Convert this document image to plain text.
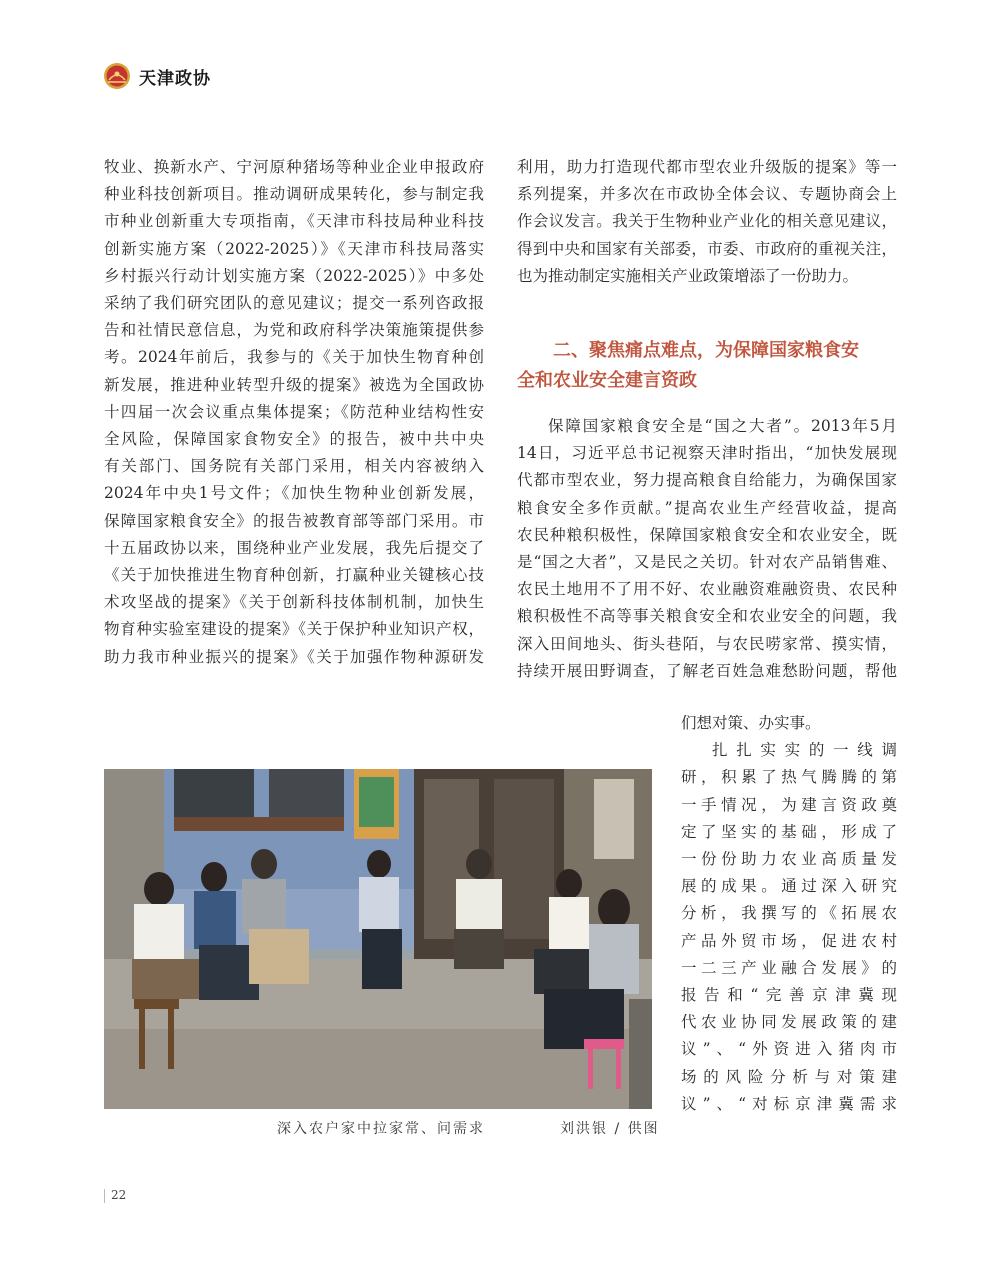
天津政协

牧业、换新水产、宁河原种猪场等种业企业申报政府
种业科技创新项目。推动调研成果转化，参与制定我
市种业创新重大专项指南，《天津市科技局种业科技
创新实施方案（2022-2025）》《天津市科技局落实
乡村振兴行动计划实施方案（2022-2025）》中多处
采纳了我们研究团队的意见建议；提交一系列咨政报
告和社情民意信息，为党和政府科学决策施策提供参
考。2024年前后，我参与的《关于加快生物育种创
新发展，推进种业转型升级的提案》被选为全国政协
十四届一次会议重点集体提案；《防范种业结构性安
全风险，保障国家食物安全》的报告，被中共中央
有关部门、国务院有关部门采用，相关内容被纳入
2024年中央1号文件；《加快生物种业创新发展，
保障国家粮食安全》的报告被教育部等部门采用。市
十五届政协以来，围绕种业产业发展，我先后提交了
《关于加快推进生物育种创新，打赢种业关键核心技
术攻坚战的提案》《关于创新科技体制机制，加快生
物育种实验室建设的提案》《关于保护种业知识产权，
助力我市种业振兴的提案》《关于加强作物种源研发

利用，助力打造现代都市型农业升级版的提案》等一
系列提案，并多次在市政协全体会议、专题协商会上
作会议发言。我关于生物种业产业化的相关意见建议，
得到中央和国家有关部委，市委、市政府的重视关注，
也为推动制定实施相关产业政策增添了一份助力。

二、聚焦痛点难点，为保障国家粮食安
全和农业安全建言资政

保障国家粮食安全是“国之大者”。2013年5月
14日，习近平总书记视察天津时指出，“加快发展现
代都市型农业，努力提高粮食自给能力，为确保国家
粮食安全多作贡献。”提高农业生产经营收益，提高
农民种粮积极性，保障国家粮食安全和农业安全，既
是“国之大者”，又是民之关切。针对农产品销售难、
农民土地用不了用不好、农业融资难融资贵、农民种
粮积极性不高等事关粮食安全和农业安全的问题，我
深入田间地头、街头巷陌，与农民唠家常、摸实情，
持续开展田野调查，了解老百姓急难愁盼问题，帮他

们想对策、办实事。
扎扎实实的一线调
研，积累了热气腾腾的第
一手情况，为建言资政奠
定了坚实的基础，形成了
一份份助力农业高质量发
展的成果。通过深入研究
分析，我撰写的《拓展农
产品外贸市场，促进农村
一二三产业融合发展》的
报告和“完善京津冀现
代农业协同发展政策的建
议”、“外资进入猪肉市
场的风险分析与对策建
议”、“对标京津冀需求

深入农户家中拉家常、问需求	刘洪银 / 供图
22
